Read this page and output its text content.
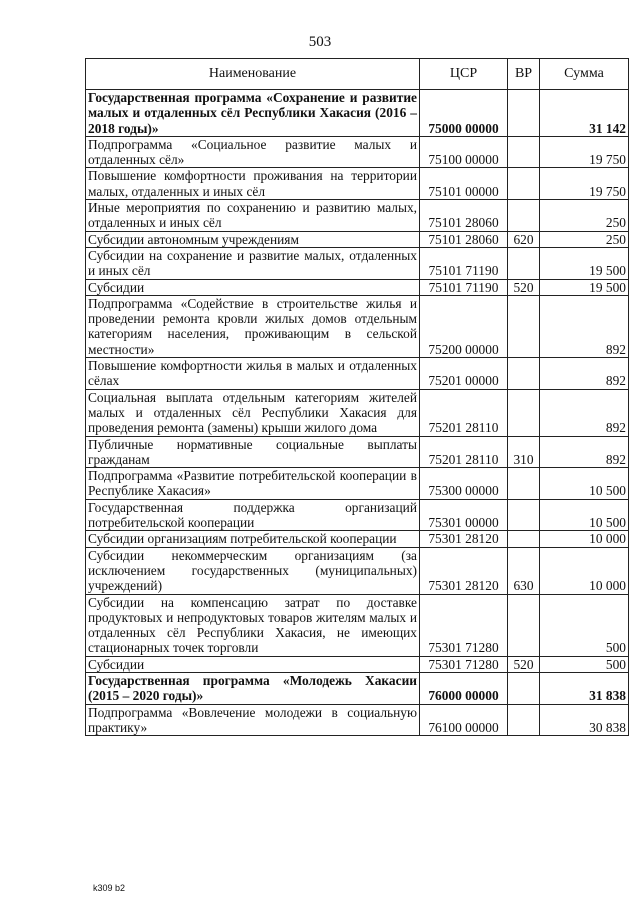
503
Наименование	ЦСР	ВР	Сумма
Государственная программа «Сохранение и развитие малых и отдаленных сёл Республики Хакасия (2016 – 2018 годы)»	75000 00000		31 142
Подпрограмма «Социальное развитие малых и отдаленных сёл»	75100 00000		19 750
Повышение комфортности проживания на территории малых, отдаленных и иных сёл	75101 00000		19 750
Иные мероприятия по сохранению и развитию малых, отдаленных и иных сёл	75101 28060		250
Субсидии автономным учреждениям	75101 28060	620	250
Субсидии на сохранение и развитие малых, отдаленных и иных сёл	75101 71190		19 500
Субсидии	75101 71190	520	19 500
Подпрограмма «Содействие в строительстве жилья и проведении ремонта кровли жилых домов отдельным категориям населения, проживающим в сельской местности»	75200 00000		892
Повышение комфортности жилья в малых и отдаленных сёлах	75201 00000		892
Социальная выплата отдельным категориям жителей малых и отдаленных сёл Республики Хакасия для проведения ремонта (замены) крыши жилого дома	75201 28110		892
Публичные нормативные социальные выплаты гражданам	75201 28110	310	892
Подпрограмма «Развитие потребительской кооперации в Республике Хакасия»	75300 00000		10 500
Государственная поддержка организаций потребительской кооперации	75301 00000		10 500
Субсидии организациям потребительской кооперации	75301 28120		10 000
Субсидии некоммерческим организациям (за исключением государственных (муниципальных) учреждений)	75301 28120	630	10 000
Субсидии на компенсацию затрат по доставке продуктовых и непродуктовых товаров жителям малых и отдаленных сёл Республики Хакасия, не имеющих стационарных точек торговли	75301 71280		500
Субсидии	75301 71280	520	500
Государственная программа «Молодежь Хакасии (2015 – 2020 годы)»	76000 00000		31 838
Подпрограмма «Вовлечение молодежи в социальную практику»	76100 00000		30 838
k309 b2
